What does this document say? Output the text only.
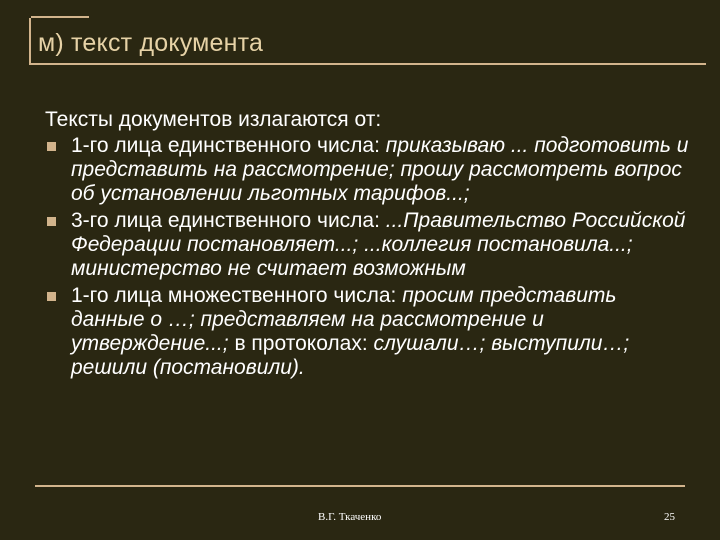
м) текст документа

Тексты документов излагаются от:

1-го лица единственного числа: приказываю ... подготовить и представить на рассмотрение; прошу рассмотреть вопрос об установлении льготных тарифов...;
3-го лица единственного числа: ...Правительство Российской Федерации постановляет...; ...коллегия постановила...; министерство не считает возможным
1-го лица множественного числа: просим представить данные о …; представляем на рассмотрение и утверждение...; в протоколах: слушали…; выступили…; решили (постановили).
В.Г. Ткаченко	25
